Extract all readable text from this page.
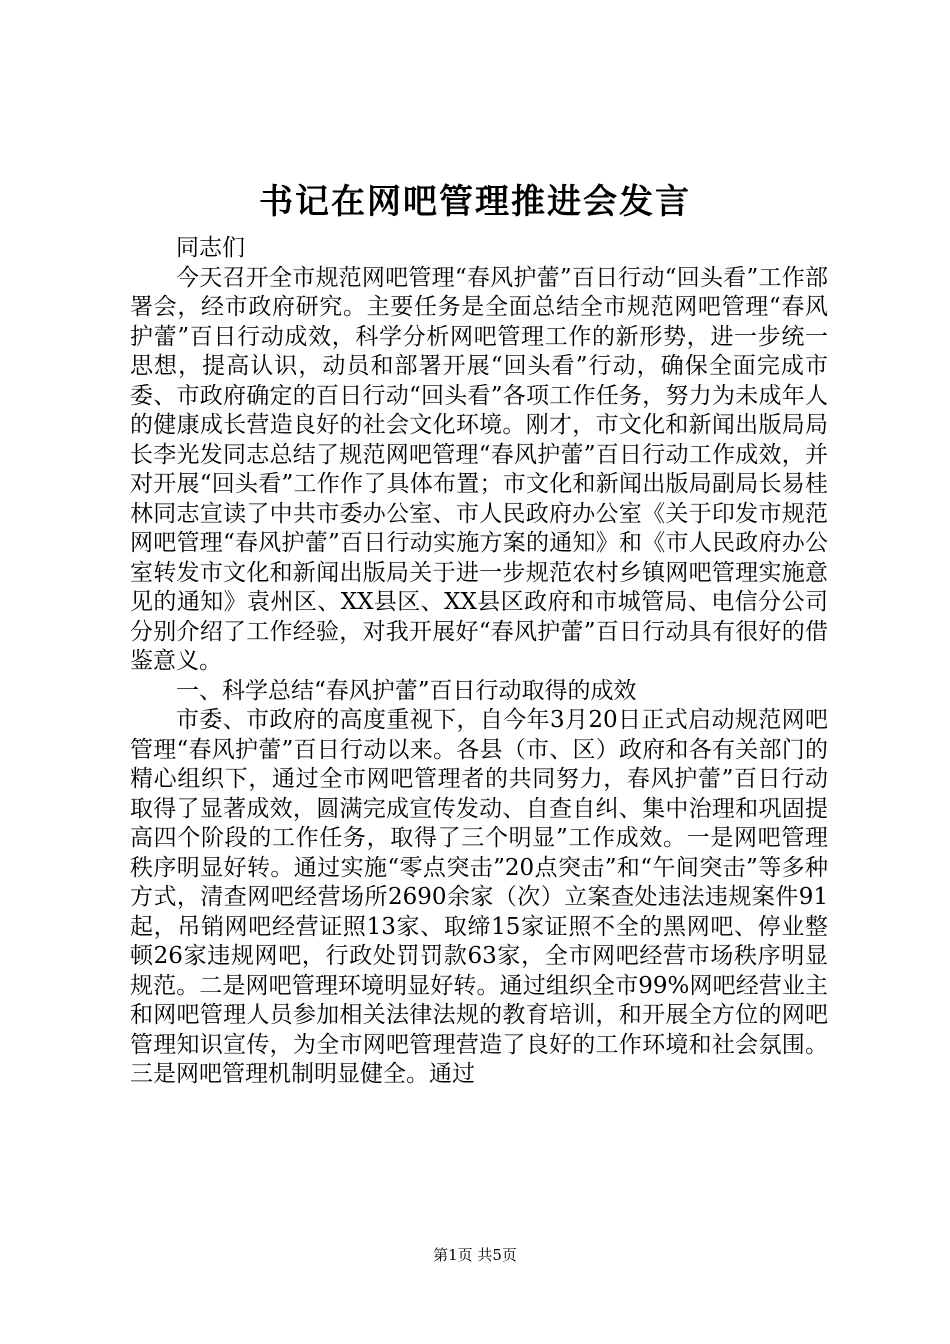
书记在网吧管理推进会发言

同志们

今天召开全市规范网吧管理“春风护蕾”百日行动“回头看”工作部署会，经市政府研究。主要任务是全面总结全市规范网吧管理“春风护蕾”百日行动成效，科学分析网吧管理工作的新形势，进一步统一思想，提高认识，动员和部署开展“回头看”行动，确保全面完成市委、市政府确定的百日行动“回头看”各项工作任务，努力为未成年人的健康成长营造良好的社会文化环境。刚才，市文化和新闻出版局局长李光发同志总结了规范网吧管理“春风护蕾”百日行动工作成效，并对开展“回头看”工作作了具体布置；市文化和新闻出版局副局长易桂林同志宣读了中共市委办公室、市人民政府办公室《关于印发市规范网吧管理“春风护蕾”百日行动实施方案的通知》和《市人民政府办公室转发市文化和新闻出版局关于进一步规范农村乡镇网吧管理实施意见的通知》袁州区、XX县区、XX县区政府和市城管局、电信分公司分别介绍了工作经验，对我开展好“春风护蕾”百日行动具有很好的借鉴意义。

一、科学总结“春风护蕾”百日行动取得的成效

市委、市政府的高度重视下，自今年3月20日正式启动规范网吧管理“春风护蕾”百日行动以来。各县（市、区）政府和各有关部门的精心组织下，通过全市网吧管理者的共同努力，春风护蕾”百日行动取得了显著成效，圆满完成宣传发动、自查自纠、集中治理和巩固提高四个阶段的工作任务，取得了三个明显”工作成效。一是网吧管理秩序明显好转。通过实施“零点突击”20点突击”和“午间突击”等多种方式，清查网吧经营场所2690余家（次）立案查处违法违规案件91起，吊销网吧经营证照13家、取缔15家证照不全的黑网吧、停业整顿26家违规网吧，行政处罚罚款63家，全市网吧经营市场秩序明显规范。二是网吧管理环境明显好转。通过组织全市99%网吧经营业主和网吧管理人员参加相关法律法规的教育培训，和开展全方位的网吧管理知识宣传，为全市网吧管理营造了良好的工作环境和社会氛围。三是网吧管理机制明显健全。通过

第1页 共5页
